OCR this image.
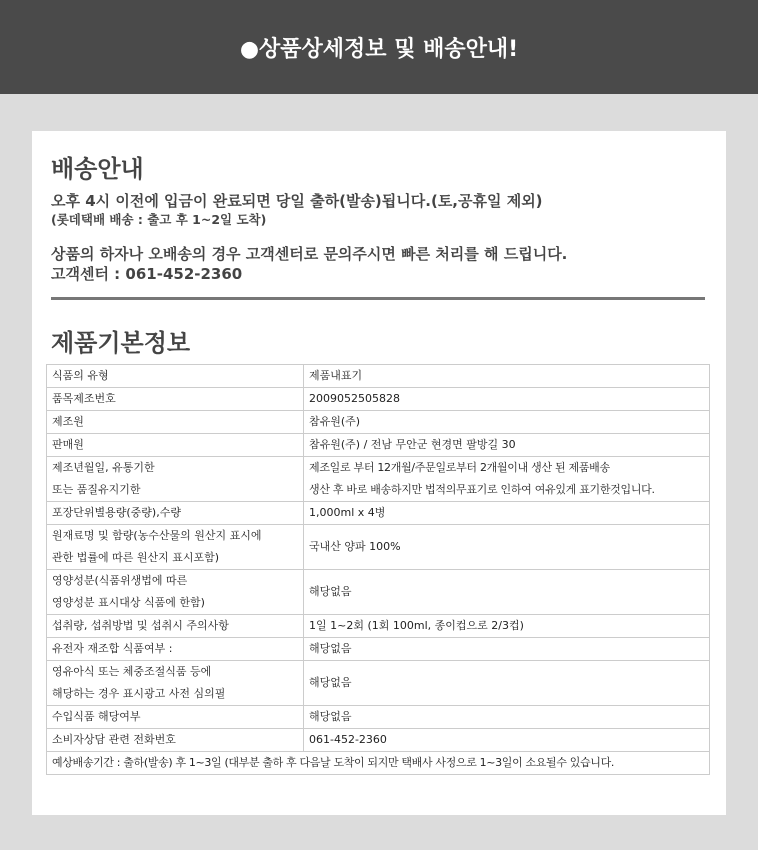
●상품상세정보 및 배송안내!
배송안내
오후 4시 이전에 입금이 완료되면 당일 출하(발송)됩니다.(토,공휴일 제외)
(롯데택배 배송 : 출고 후 1~2일 도착)
상품의 하자나 오배송의 경우 고객센터로 문의주시면 빠른 처리를 해 드립니다.
고객센터 : 061-452-2360
제품기본정보
식품의 유형	제품내표기
품목제조번호	2009052505828
제조원	참유원(주)
판매원	참유원(주) / 전남 무안군 현경면 팔방길 30

제조년월일, 유통기한
또는 품질유지기한	제조일로 부터 12개월/주문일로부터 2개월이내 생산 된 제품배송
생산 후 바로 배송하지만 법적의무표기로 인하여 여유있게 표기한것입니다.

포장단위별용량(중량),수량	1,000ml x 4병

원재료명 및 함량(농수산물의 원산지 표시에
관한 법률에 따른 원산지 표시포함)	국내산 양파 100%

영양성분(식품위생법에 따른
영양성분 표시대상 식품에 한함)	해당없음
섭취량, 섭취방법 및 섭취시 주의사항	1일 1~2회 (1회 100ml, 종이컵으로 2/3컵)
유전자 재조합 식품여부 :	해당없음

영유아식 또는 체중조절식품 등에
해당하는 경우 표시광고 사전 심의필	해당없음
수입식품 해당여부	해당없음
소비자상담 관련 전화번호	061-452-2360
예상배송기간 : 출하(발송) 후 1~3일 (대부분 출하 후 다음날 도착이 되지만 택배사 사정으로 1~3일이 소요될수 있습니다.	
